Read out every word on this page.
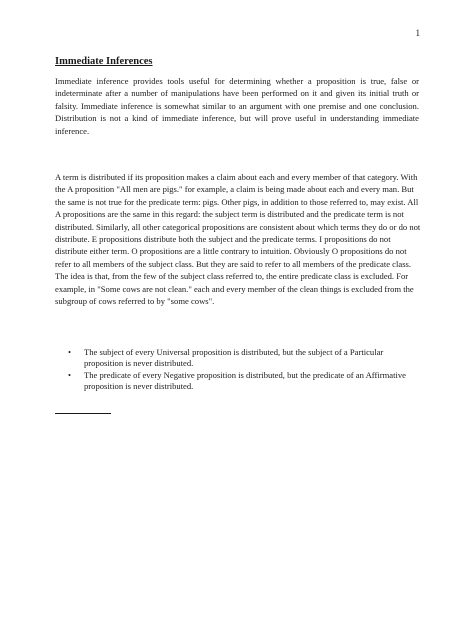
1
Immediate Inferences

Immediate inference provides tools useful for determining whether a proposition is true, false or indeterminate after a number of manipulations have been performed on it and given its initial truth or falsity. Immediate inference is somewhat similar to an argument with one premise and one conclusion. Distribution is not a kind of immediate inference, but will prove useful in understanding immediate inference.

A term is distributed if its proposition makes a claim about each and every member of that category. With the A proposition "All men are pigs." for example, a claim is being made about each and every man. But the same is not true for the predicate term: pigs. Other pigs, in addition to those referred to, may exist. All A propositions are the same in this regard: the subject term is distributed and the predicate term is not distributed. Similarly, all other categorical propositions are consistent about which terms they do or do not distribute. E propositions distribute both the subject and the predicate terms. I propositions do not distribute either term. O propositions are a little contrary to intuition. Obviously O propositions do not refer to all members of the subject class. But they are said to refer to all members of the predicate class. The idea is that, from the few of the subject class referred to, the entire predicate class is excluded. For example, in "Some cows are not clean." each and every member of the clean things is excluded from the subgroup of cows referred to by "some cows".

• The subject of every Universal proposition is distributed, but the subject of a Particular proposition is never distributed.
• The predicate of every Negative proposition is distributed, but the predicate of an Affirmative proposition is never distributed.
